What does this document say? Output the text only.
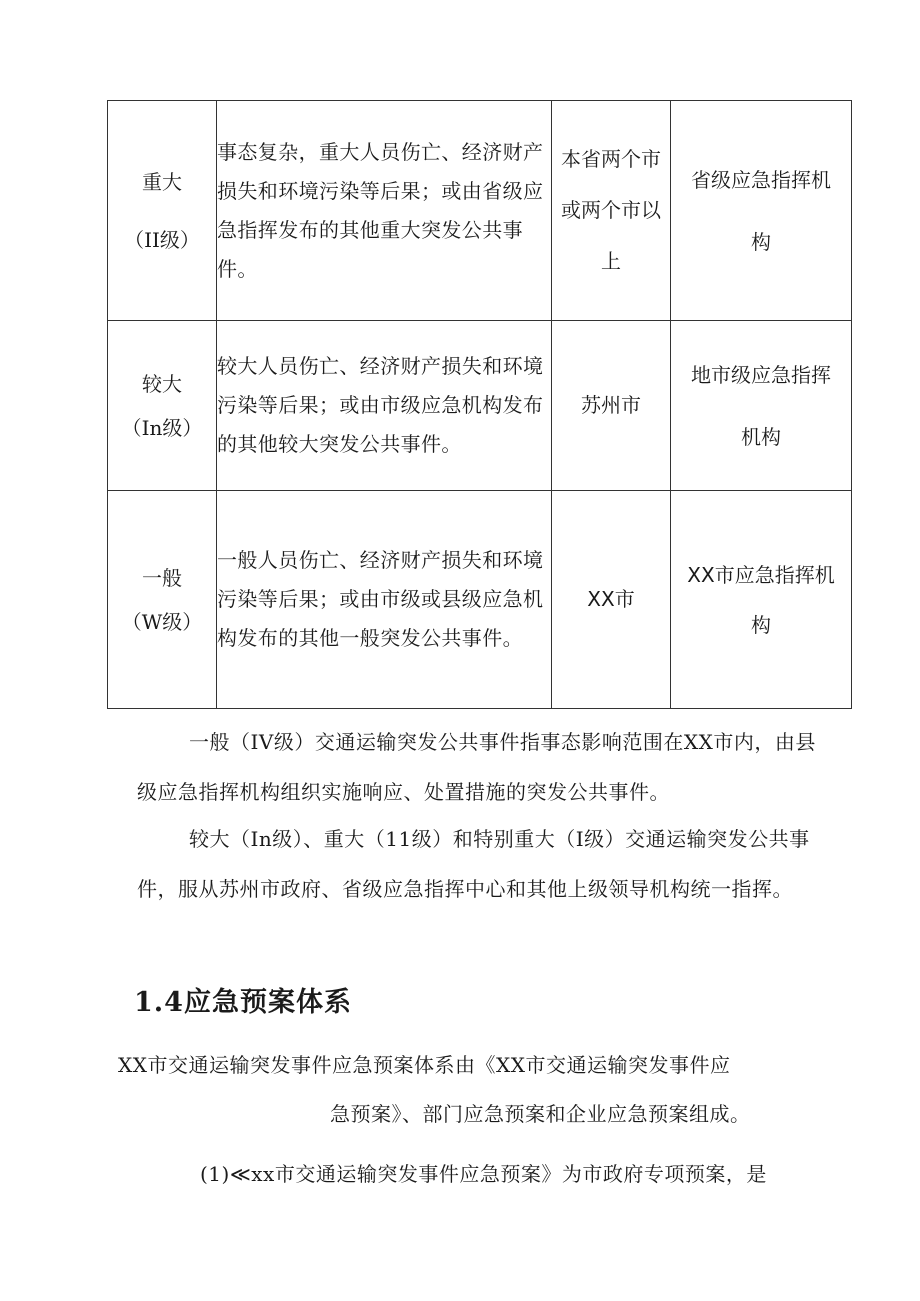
重大
（II级）	事态复杂，重大人员伤亡、经济财产损失和环境污染等后果；或由省级应急指挥发布的其他重大突发公共事件。	本省两个市或两个市以上	省级应急指挥机构

较大
（In级）	较大人员伤亡、经济财产损失和环境污染等后果；或由市级应急机构发布的其他较大突发公共事件。	苏州市	地市级应急指挥机构

一般
（W级）	一般人员伤亡、经济财产损失和环境污染等后果；或由市级或县级应急机构发布的其他一般突发公共事件。	XX市	XX市应急指挥机构

一般（IV级）交通运输突发公共事件指事态影响范围在XX市内，由县级应急指挥机构组织实施响应、处置措施的突发公共事件。

较大（In级）、重大（11级）和特别重大（I级）交通运输突发公共事件，服从苏州市政府、省级应急指挥中心和其他上级领导机构统一指挥。

1.4应急预案体系

XX市交通运输突发事件应急预案体系由《XX市交通运输突发事件应

急预案》、部门应急预案和企业应急预案组成。

(1)≪xx市交通运输突发事件应急预案》为市政府专项预案，是
